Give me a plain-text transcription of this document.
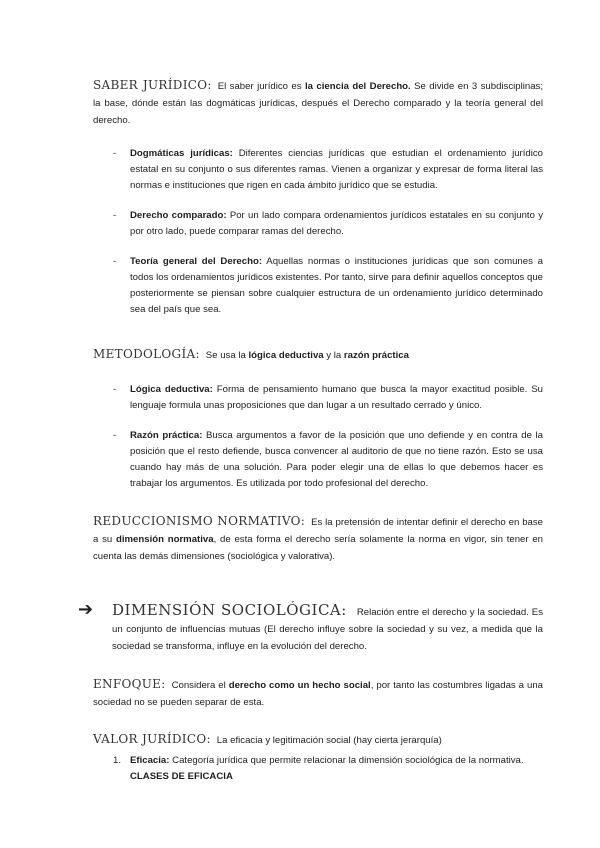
SABER JURÍDICO: El saber jurídico es la ciencia del Derecho. Se divide en 3 subdisciplinas; la base, dónde están las dogmáticas jurídicas, después el Derecho comparado y la teoría general del derecho.

- Dogmáticas jurídicas: Diferentes ciencias jurídicas que estudian el ordenamiento jurídico estatal en su conjunto o sus diferentes ramas. Vienen a organizar y expresar de forma literal las normas e instituciones que rigen en cada ámbito jurídico que se estudia.

- Derecho comparado: Por un lado compara ordenamientos jurídicos estatales en su conjunto y por otro lado, puede comparar ramas del derecho.

- Teoría general del Derecho: Aquellas normas o instituciones jurídicas que son comunes a todos los ordenamientos jurídicos existentes. Por tanto, sirve para definir aquellos conceptos que posteriormente se piensan sobre cualquier estructura de un ordenamiento jurídico determinado sea del país que sea.

METODOLOGÍA: Se usa la lógica deductiva y la razón práctica

- Lógica deductiva: Forma de pensamiento humano que busca la mayor exactitud posible. Su lenguaje formula unas proposiciones que dan lugar a un resultado cerrado y único.

- Razón práctica: Busca argumentos a favor de la posición que uno defiende y en contra de la posición que el resto defiende, busca convencer al auditorio de que no tiene razón. Esto se usa cuando hay más de una solución. Para poder elegir una de ellas lo que debemos hacer es trabajar los argumentos. Es utilizada por todo profesional del derecho.

REDUCCIONISMO NORMATIVO: Es la pretensión de intentar definir el derecho en base a su dimensión normativa, de esta forma el derecho sería solamente la norma en vigor, sin tener en cuenta las demás dimensiones (sociológica y valorativa).

➔ DIMENSIÓN SOCIOLÓGICA: Relación entre el derecho y la sociedad. Es un conjunto de influencias mutuas (El derecho influye sobre la sociedad y su vez, a medida que la sociedad se transforma, influye en la evolución del derecho.

ENFOQUE: Considera el derecho como un hecho social, por tanto las costumbres ligadas a una sociedad no se pueden separar de esta.

VALOR JURÍDICO: La eficacia y legitimación social (hay cierta jerarquía)

1. Eficacia: Categoría jurídica que permite relacionar la dimensión sociológica de la normativa.

CLASES DE EFICACIA
